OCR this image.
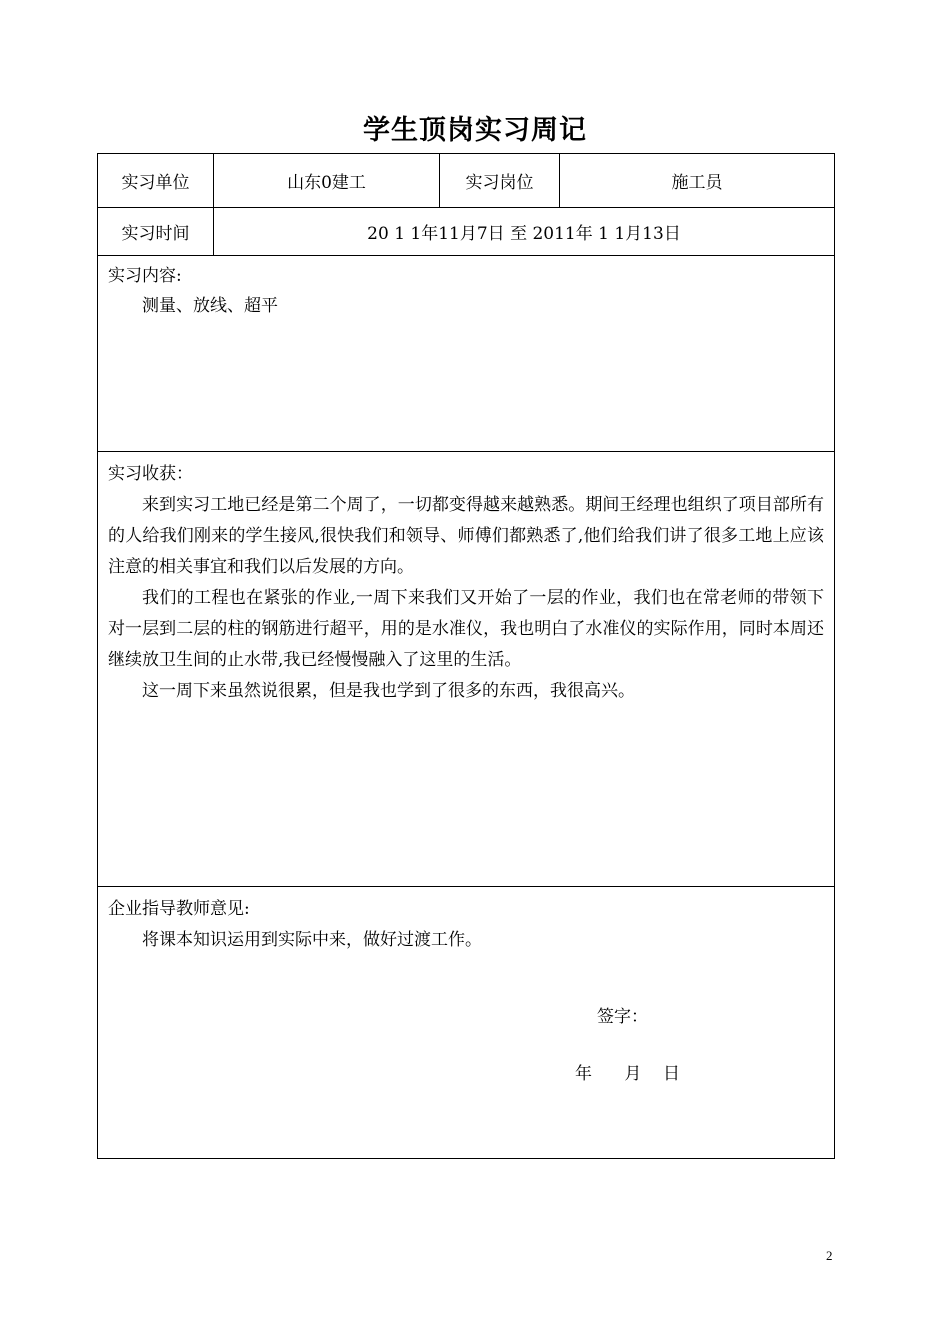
学生顶岗实习周记
实习单位	山东0建工	实习岗位	施工员
实习时间	20 1 1年11月7日 至 2011年 1 1月13日		

实习内容:
测量、放线、超平			

实习收获：
来到实习工地已经是第二个周了，一切都变得越来越熟悉。期间王经理也组织了项目部所有的人给我们刚来的学生接风,很快我们和领导、师傅们都熟悉了,他们给我们讲了很多工地上应该注意的相关事宜和我们以后发展的方向。
我们的工程也在紧张的作业,一周下来我们又开始了一层的作业，我们也在常老师的带领下对一层到二层的柱的钢筋进行超平，用的是水准仪，我也明白了水准仪的实际作用，同时本周还继续放卫生间的止水带,我已经慢慢融入了这里的生活。
这一周下来虽然说很累，但是我也学到了很多的东西，我很高兴。			

企业指导教师意见:
将课本知识运用到实际中来，做好过渡工作。
签字：
年      月    日			
2
